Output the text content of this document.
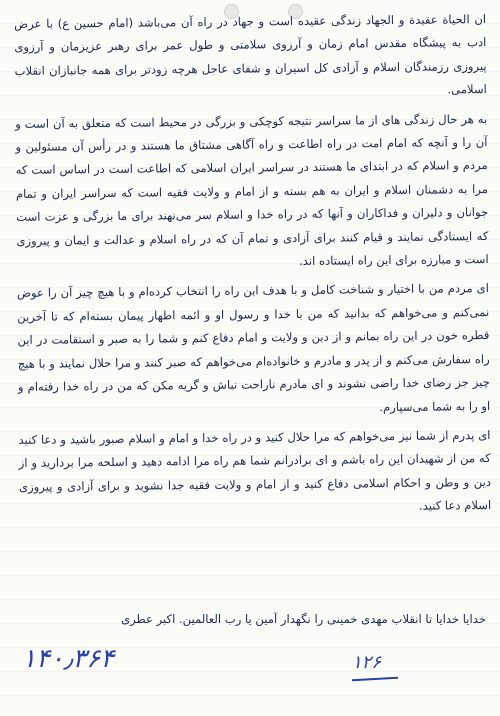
ان الحیاة عقیدة و الجهاد زندگی عقیده است و جهاد در راه آن می‌باشد (امام حسین ع) با عرض ادب به پیشگاه مقدس امام زمان و آرزوی سلامتی و طول عمر برای رهبر عزیزمان و آرزوی پیروزی رزمندگان اسلام و آزادی کل اسیران و شفای عاجل هرچه زودتر برای همه جانبازان انقلاب اسلامی.

به هر حال زندگی های از ما سراسر نتیجه کوچکی و بزرگی در محیط است که متعلق به آن است و آن را و آنچه که امام امت در راه اطاعت و راه آگاهی مشتاق ما هستند و در رأس آن مسئولین و مردم و اسلام که در ابتدای ما هستند در سراسر ایران اسلامی که اطاعت است در اساس است که مرا به دشمنان اسلام و ایران به هم بسته و از امام و ولایت فقیه است که سراسر ایران و تمام جوانان و دلیران و فداکاران و آنها که در راه خدا و اسلام سر می‌نهند برای ما بزرگی و عزت است که ایستادگی نمایند و قیام کنند برای آزادی و تمام آن که در راه اسلام و عدالت و ایمان و پیروزی است و مبارزه برای این راه ایستاده اند.

ای مردم من با اختیار و شناخت کامل و با هدف این راه را انتخاب کرده‌ام و با هیچ چیز آن را عوض نمی‌کنم و می‌خواهم که بدانید که من با خدا و رسول او و ائمه اطهار پیمان بسته‌ام که تا آخرین قطره خون در این راه بمانم و از دین و ولایت و امام دفاع کنم و شما را به صبر و استقامت در این راه سفارش می‌کنم و از پدر و مادرم و خانواده‌ام می‌خواهم که صبر کنند و مرا حلال نمایند و با هیچ چیز جز رضای خدا راضی نشوند و ای مادرم ناراحت نباش و گریه مکن که من در راه خدا رفته‌ام و او را به شما می‌سپارم.

ای پدرم از شما نیز می‌خواهم که مرا حلال کنید و در راه خدا و امام و اسلام صبور باشید و دعا کنید که من از شهیدان این راه باشم و ای برادرانم شما هم راه مرا ادامه دهید و اسلحه مرا بردارید و از دین و وطن و احکام اسلامی دفاع کنید و از امام و ولایت فقیه جدا نشوید و برای آزادی و پیروزی اسلام دعا کنید.

خدایا خدایا تا انقلاب مهدی خمینی را نگهدار آمین یا رب العالمین. اکبر عطری
۱۴۰٫۳۶۴	۱۲۶
